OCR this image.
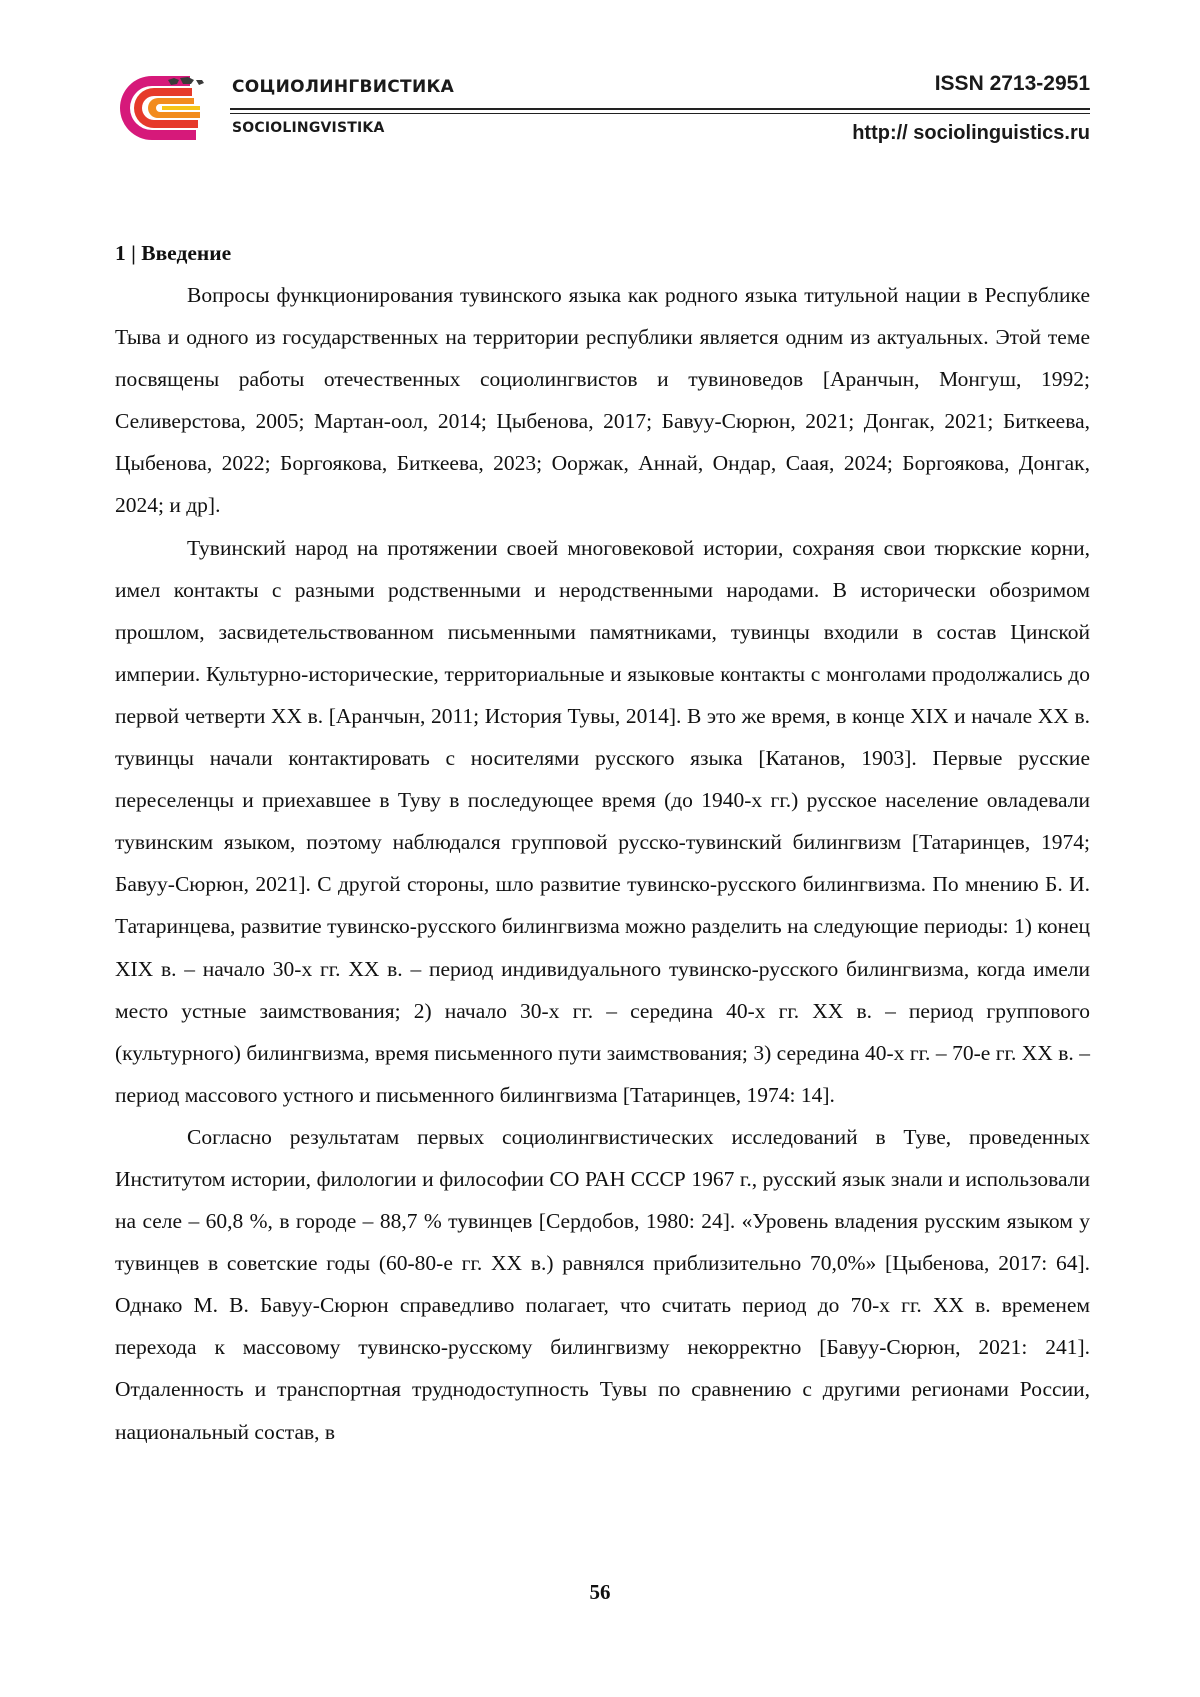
СОЦИОЛИНГВИСТИКА
SOCIOLINGVISTIKA
ISSN 2713-2951
http:// sociolinguistics.ru

1 | Введение

Вопросы функционирования тувинского языка как родного языка титульной нации в Республике Тыва и одного из государственных на территории республики является одним из актуальных. Этой теме посвящены работы отечественных социолингвистов и тувиноведов [Аранчын, Монгуш, 1992; Селиверстова, 2005; Мартан-оол, 2014; Цыбенова, 2017; Бавуу-Сюрюн, 2021; Донгак, 2021; Биткеева, Цыбенова, 2022; Боргоякова, Биткеева, 2023; Ооржак, Аннай, Ондар, Саая, 2024; Боргоякова, Донгак, 2024; и др].

Тувинский народ на протяжении своей многовековой истории, сохраняя свои тюркские корни, имел контакты с разными родственными и неродственными народами. В исторически обозримом прошлом, засвидетельствованном письменными памятниками, тувинцы входили в состав Цинской империи. Культурно-исторические, территориальные и языковые контакты с монголами продолжались до первой четверти XX в. [Аранчын, 2011; История Тувы, 2014]. В это же время, в конце XIX и начале XX в. тувинцы начали контактировать с носителями русского языка [Катанов, 1903]. Первые русские переселенцы и приехавшее в Туву в последующее время (до 1940-х гг.) русское население овладевали тувинским языком, поэтому наблюдался групповой русско-тувинский билингвизм [Татаринцев, 1974; Бавуу-Сюрюн, 2021]. С другой стороны, шло развитие тувинско-русского билингвизма. По мнению Б. И. Татаринцева, развитие тувинско-русского билингвизма можно разделить на следующие периоды: 1) конец XIX в. – начало 30-х гг. XX в. – период индивидуального тувинско-русского билингвизма, когда имели место устные заимствования; 2) начало 30-х гг. – середина 40-х гг. XX в. – период группового (культурного) билингвизма, время письменного пути заимствования; 3) середина 40-х гг. – 70-е гг. XX в. – период массового устного и письменного билингвизма [Татаринцев, 1974: 14].

Согласно результатам первых социолингвистических исследований в Туве, проведенных Институтом истории, филологии и философии СО РАН СССР 1967 г., русский язык знали и использовали на селе – 60,8 %, в городе – 88,7 % тувинцев [Сердобов, 1980: 24]. «Уровень владения русским языком у тувинцев в советские годы (60-80-е гг. XX в.) равнялся приблизительно 70,0%» [Цыбенова, 2017: 64]. Однако М. В. Бавуу-Сюрюн справедливо полагает, что считать период до 70-х гг. XX в. временем перехода к массовому тувинско-русскому билингвизму некорректно [Бавуу-Сюрюн, 2021: 241]. Отдаленность и транспортная труднодоступность Тувы по сравнению с другими регионами России, национальный состав, в

56
